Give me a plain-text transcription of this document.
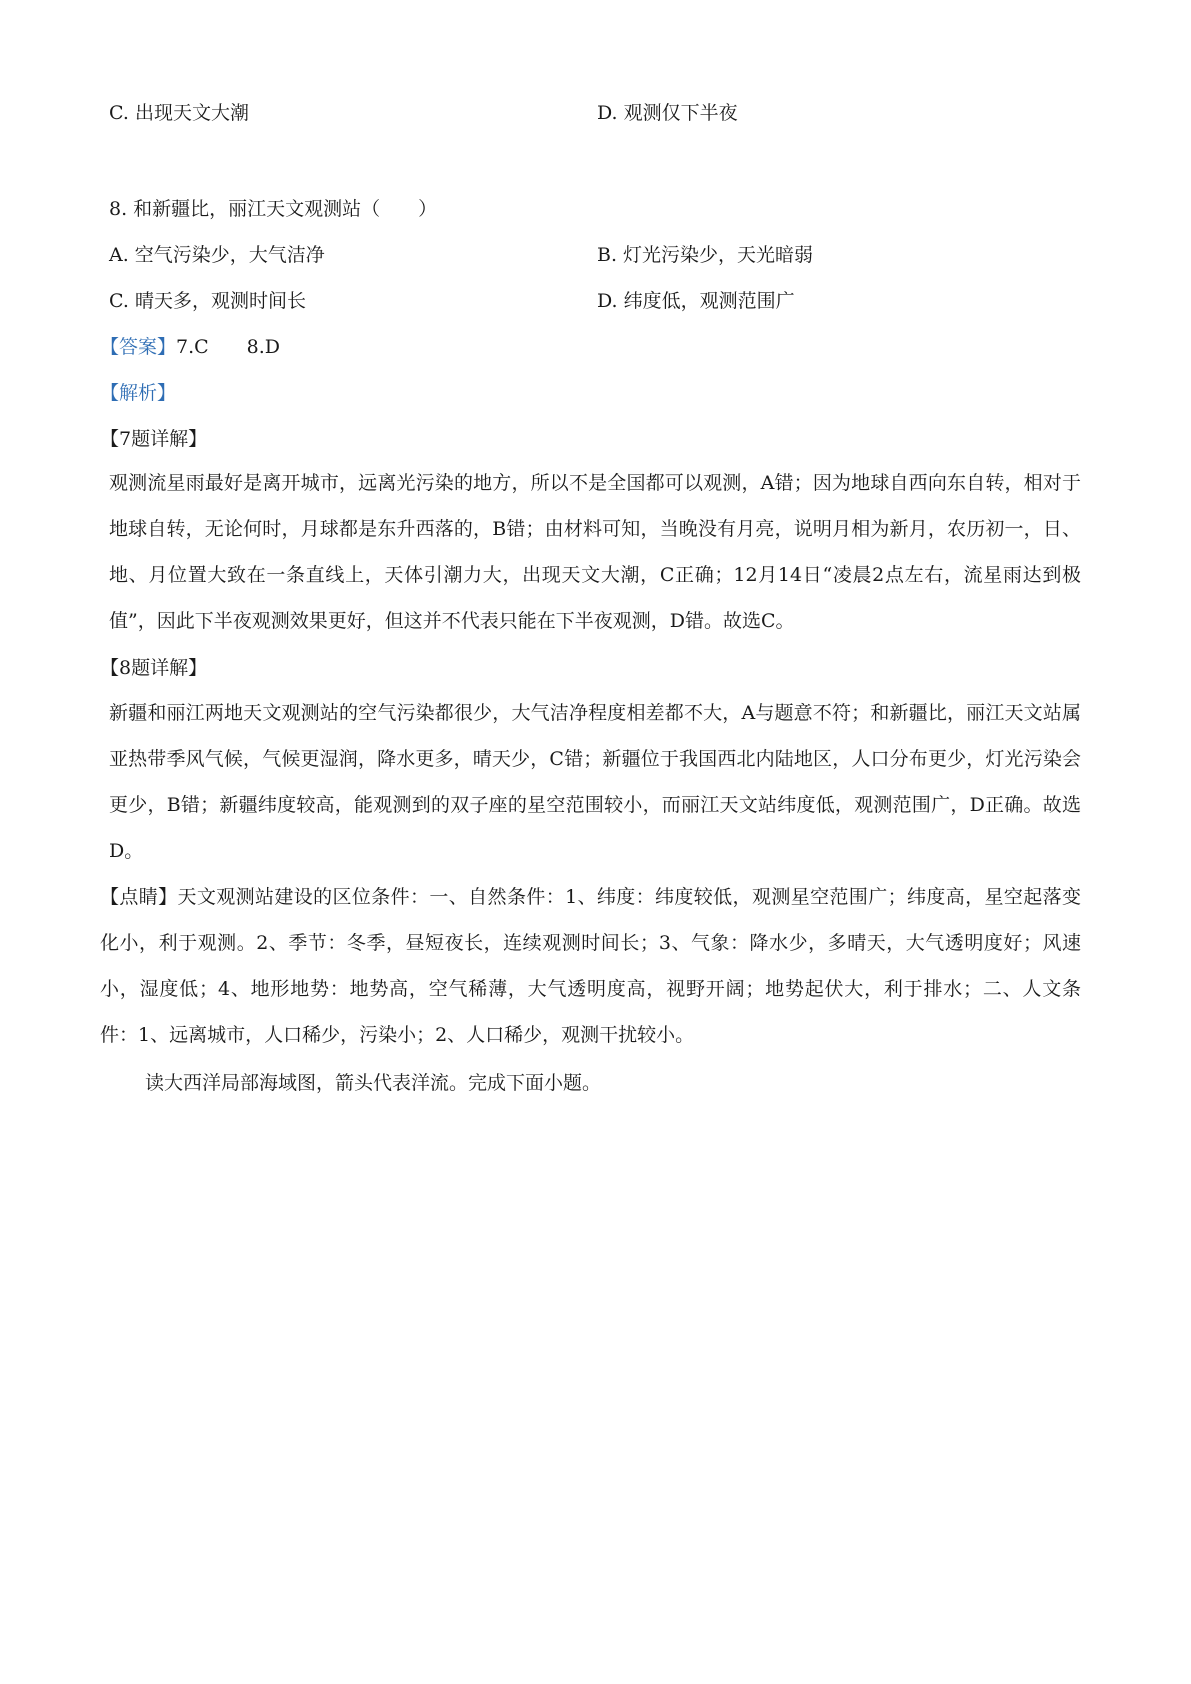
C. 出现天文大潮	D. 观测仅下半夜
8. 和新疆比，丽江天文观测站（　　）
A. 空气污染少，大气洁净	B. 灯光污染少，天光暗弱
C. 晴天多，观测时间长	D. 纬度低，观测范围广
【答案】7.C　　8.D
【解析】
【7题详解】
观测流星雨最好是离开城市，远离光污染的地方，所以不是全国都可以观测，A错；因为地球自西向东自转，相对于地球自转，无论何时，月球都是东升西落的，B错；由材料可知，当晚没有月亮，说明月相为新月，农历初一，日、地、月位置大致在一条直线上，天体引潮力大，出现天文大潮，C正确；12月14日“凌晨2点左右，流星雨达到极值”，因此下半夜观测效果更好，但这并不代表只能在下半夜观测，D错。故选C。
【8题详解】
新疆和丽江两地天文观测站的空气污染都很少，大气洁净程度相差都不大，A与题意不符；和新疆比，丽江天文站属亚热带季风气候，气候更湿润，降水更多，晴天少，C错；新疆位于我国西北内陆地区，人口分布更少，灯光污染会更少，B错；新疆纬度较高，能观测到的双子座的星空范围较小，而丽江天文站纬度低，观测范围广，D正确。故选D。
【点睛】天文观测站建设的区位条件：一、自然条件：1、纬度：纬度较低，观测星空范围广；纬度高，星空起落变化小，利于观测。2、季节：冬季，昼短夜长，连续观测时间长；3、气象：降水少，多晴天，大气透明度好；风速小，湿度低；4、地形地势：地势高，空气稀薄，大气透明度高，视野开阔；地势起伏大，利于排水；二、人文条件：1、远离城市，人口稀少，污染小；2、人口稀少，观测干扰较小。
读大西洋局部海域图，箭头代表洋流。完成下面小题。
